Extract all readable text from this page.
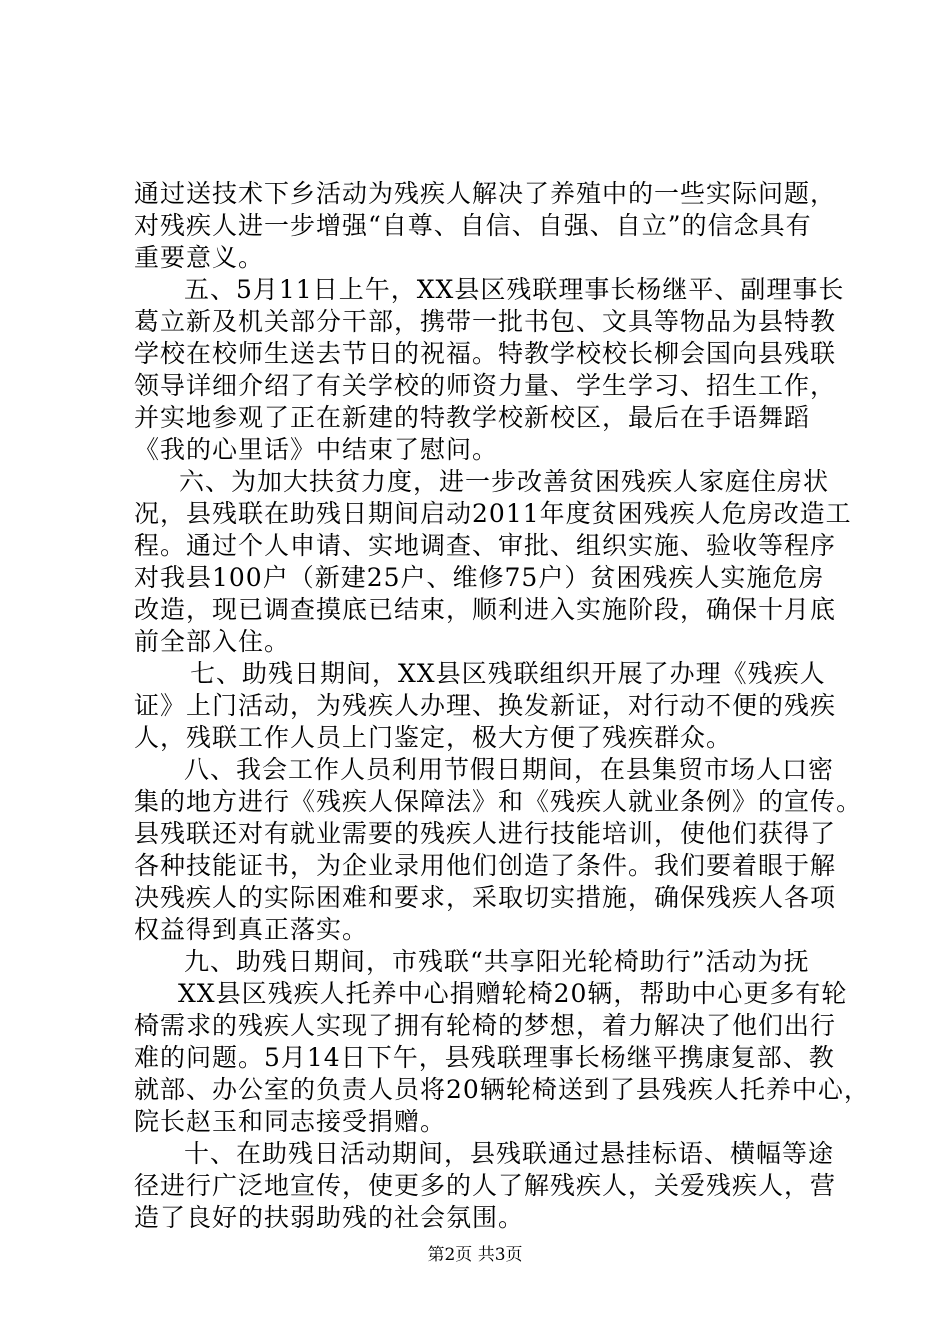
通过送技术下乡活动为残疾人解决了养殖中的一些实际问题，
对残疾人进一步增强“自尊、自信、自强、自立”的信念具有
重要意义。
五、5月11日上午，XX县区残联理事长杨继平、副理事长
葛立新及机关部分干部，携带一批书包、文具等物品为县特教
学校在校师生送去节日的祝福。特教学校校长柳会国向县残联
领导详细介绍了有关学校的师资力量、学生学习、招生工作，
并实地参观了正在新建的特教学校新校区，最后在手语舞蹈
《我的心里话》中结束了慰问。
六、为加大扶贫力度，进一步改善贫困残疾人家庭住房状
况，县残联在助残日期间启动2011年度贫困残疾人危房改造工
程。通过个人申请、实地调查、审批、组织实施、验收等程序
对我县100户（新建25户、维修75户）贫困残疾人实施危房
改造，现已调查摸底已结束，顺利进入实施阶段，确保十月底
前全部入住。
七、助残日期间，XX县区残联组织开展了办理《残疾人
证》上门活动，为残疾人办理、换发新证，对行动不便的残疾
人，残联工作人员上门鉴定，极大方便了残疾群众。
八、我会工作人员利用节假日期间，在县集贸市场人口密
集的地方进行《残疾人保障法》和《残疾人就业条例》的宣传。
县残联还对有就业需要的残疾人进行技能培训，使他们获得了
各种技能证书，为企业录用他们创造了条件。我们要着眼于解
决残疾人的实际困难和要求，采取切实措施，确保残疾人各项
权益得到真正落实。
九、助残日期间，市残联“共享阳光轮椅助行”活动为抚
XX县区残疾人托养中心捐赠轮椅20辆，帮助中心更多有轮
椅需求的残疾人实现了拥有轮椅的梦想，着力解决了他们出行
难的问题。5月14日下午，县残联理事长杨继平携康复部、教
就部、办公室的负责人员将20辆轮椅送到了县残疾人托养中心，
院长赵玉和同志接受捐赠。
十、在助残日活动期间，县残联通过悬挂标语、横幅等途
径进行广泛地宣传，使更多的人了解残疾人，关爱残疾人，营
造了良好的扶弱助残的社会氛围。
第2页 共3页
